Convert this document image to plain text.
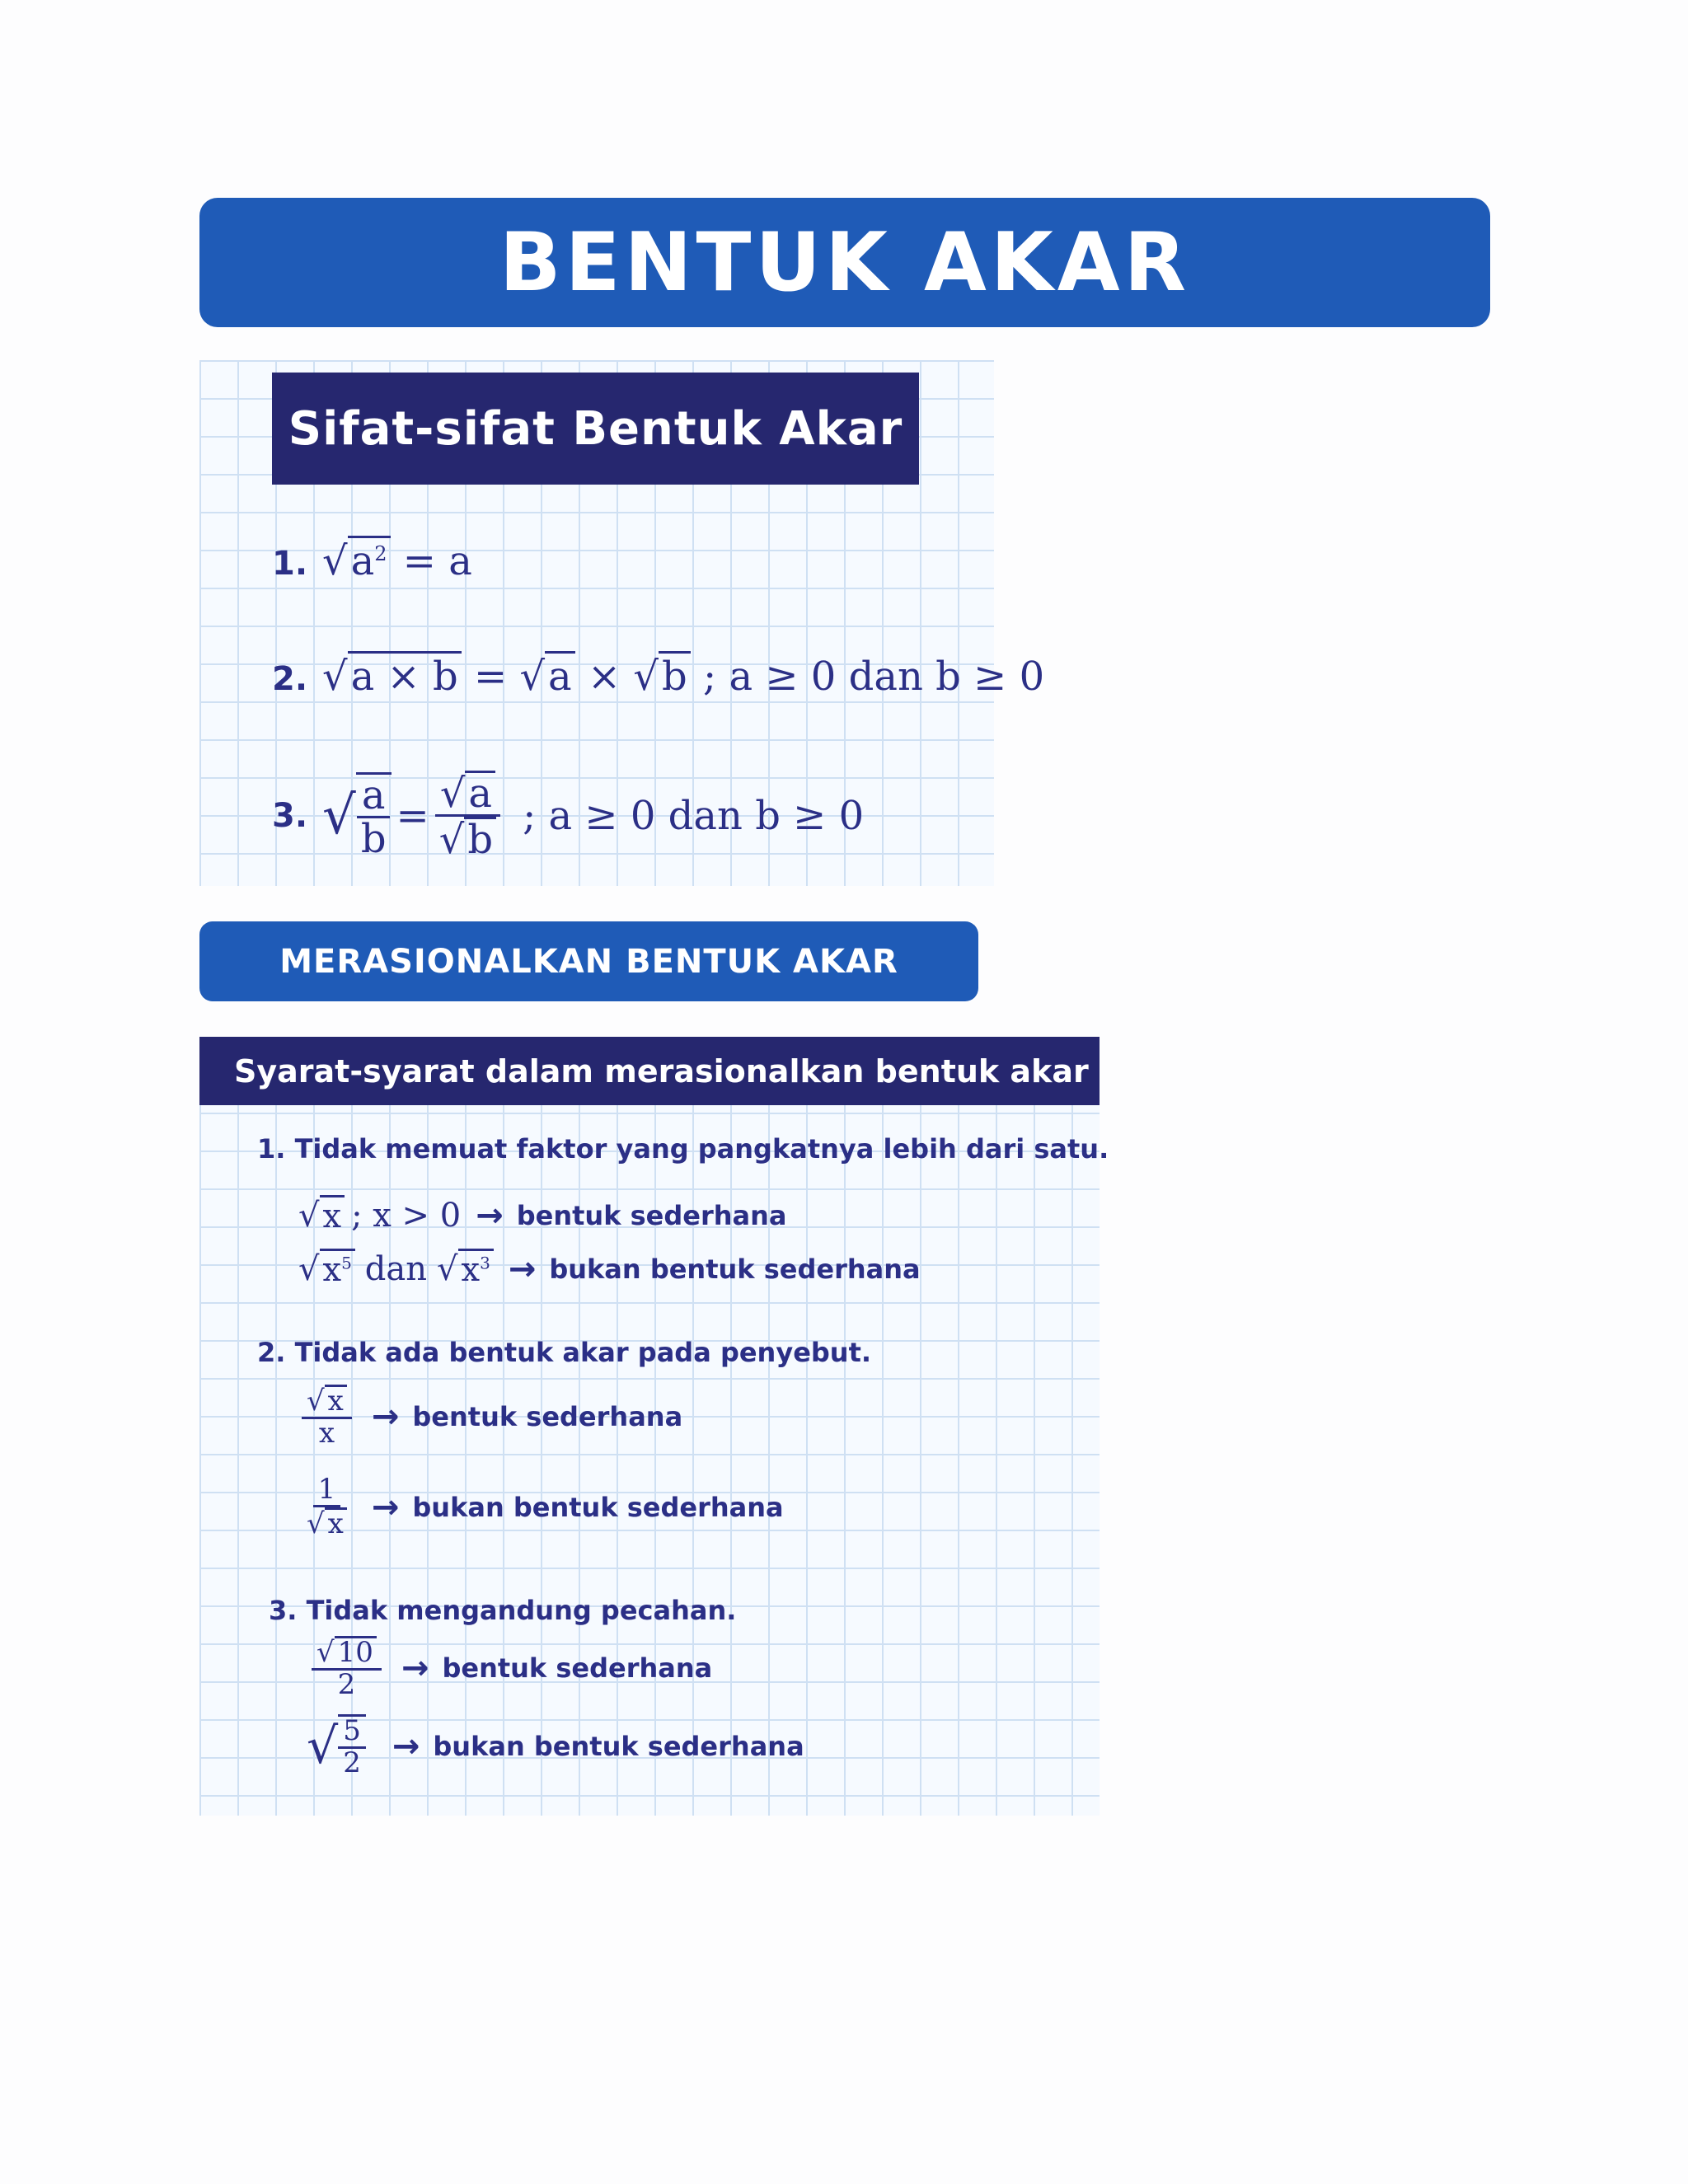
BENTUK AKAR
Sifat-sifat Bentuk Akar
1. $√a^2 = a$
2. √a × b = √a × √b ; a ≥ 0 dan b ≥ 0
3. √ $\frac{a}{b} = \frac{√a}{√b}$ ; a ≥ 0 dan b ≥ 0
MERASIONALKAN BENTUK AKAR
Syarat-syarat dalam merasionalkan bentuk akar
1. Tidak memuat faktor yang pangkatnya lebih dari satu.
√ x ; x > 0 → bentuk sederhana
√ $x^5$ dan √ $x^3$ → bukan bentuk sederhana
2. Tidak ada bentuk akar pada penyebut.
$\frac{√ x}{x}$ → bentuk sederhana
$\frac{1}{√ x}$ → bukan bentuk sederhana
3. Tidak mengandung pecahan.
$\frac{√ 10}{2}$ → bentuk sederhana
√ $\frac{5}{2}$ → bukan bentuk sederhana
